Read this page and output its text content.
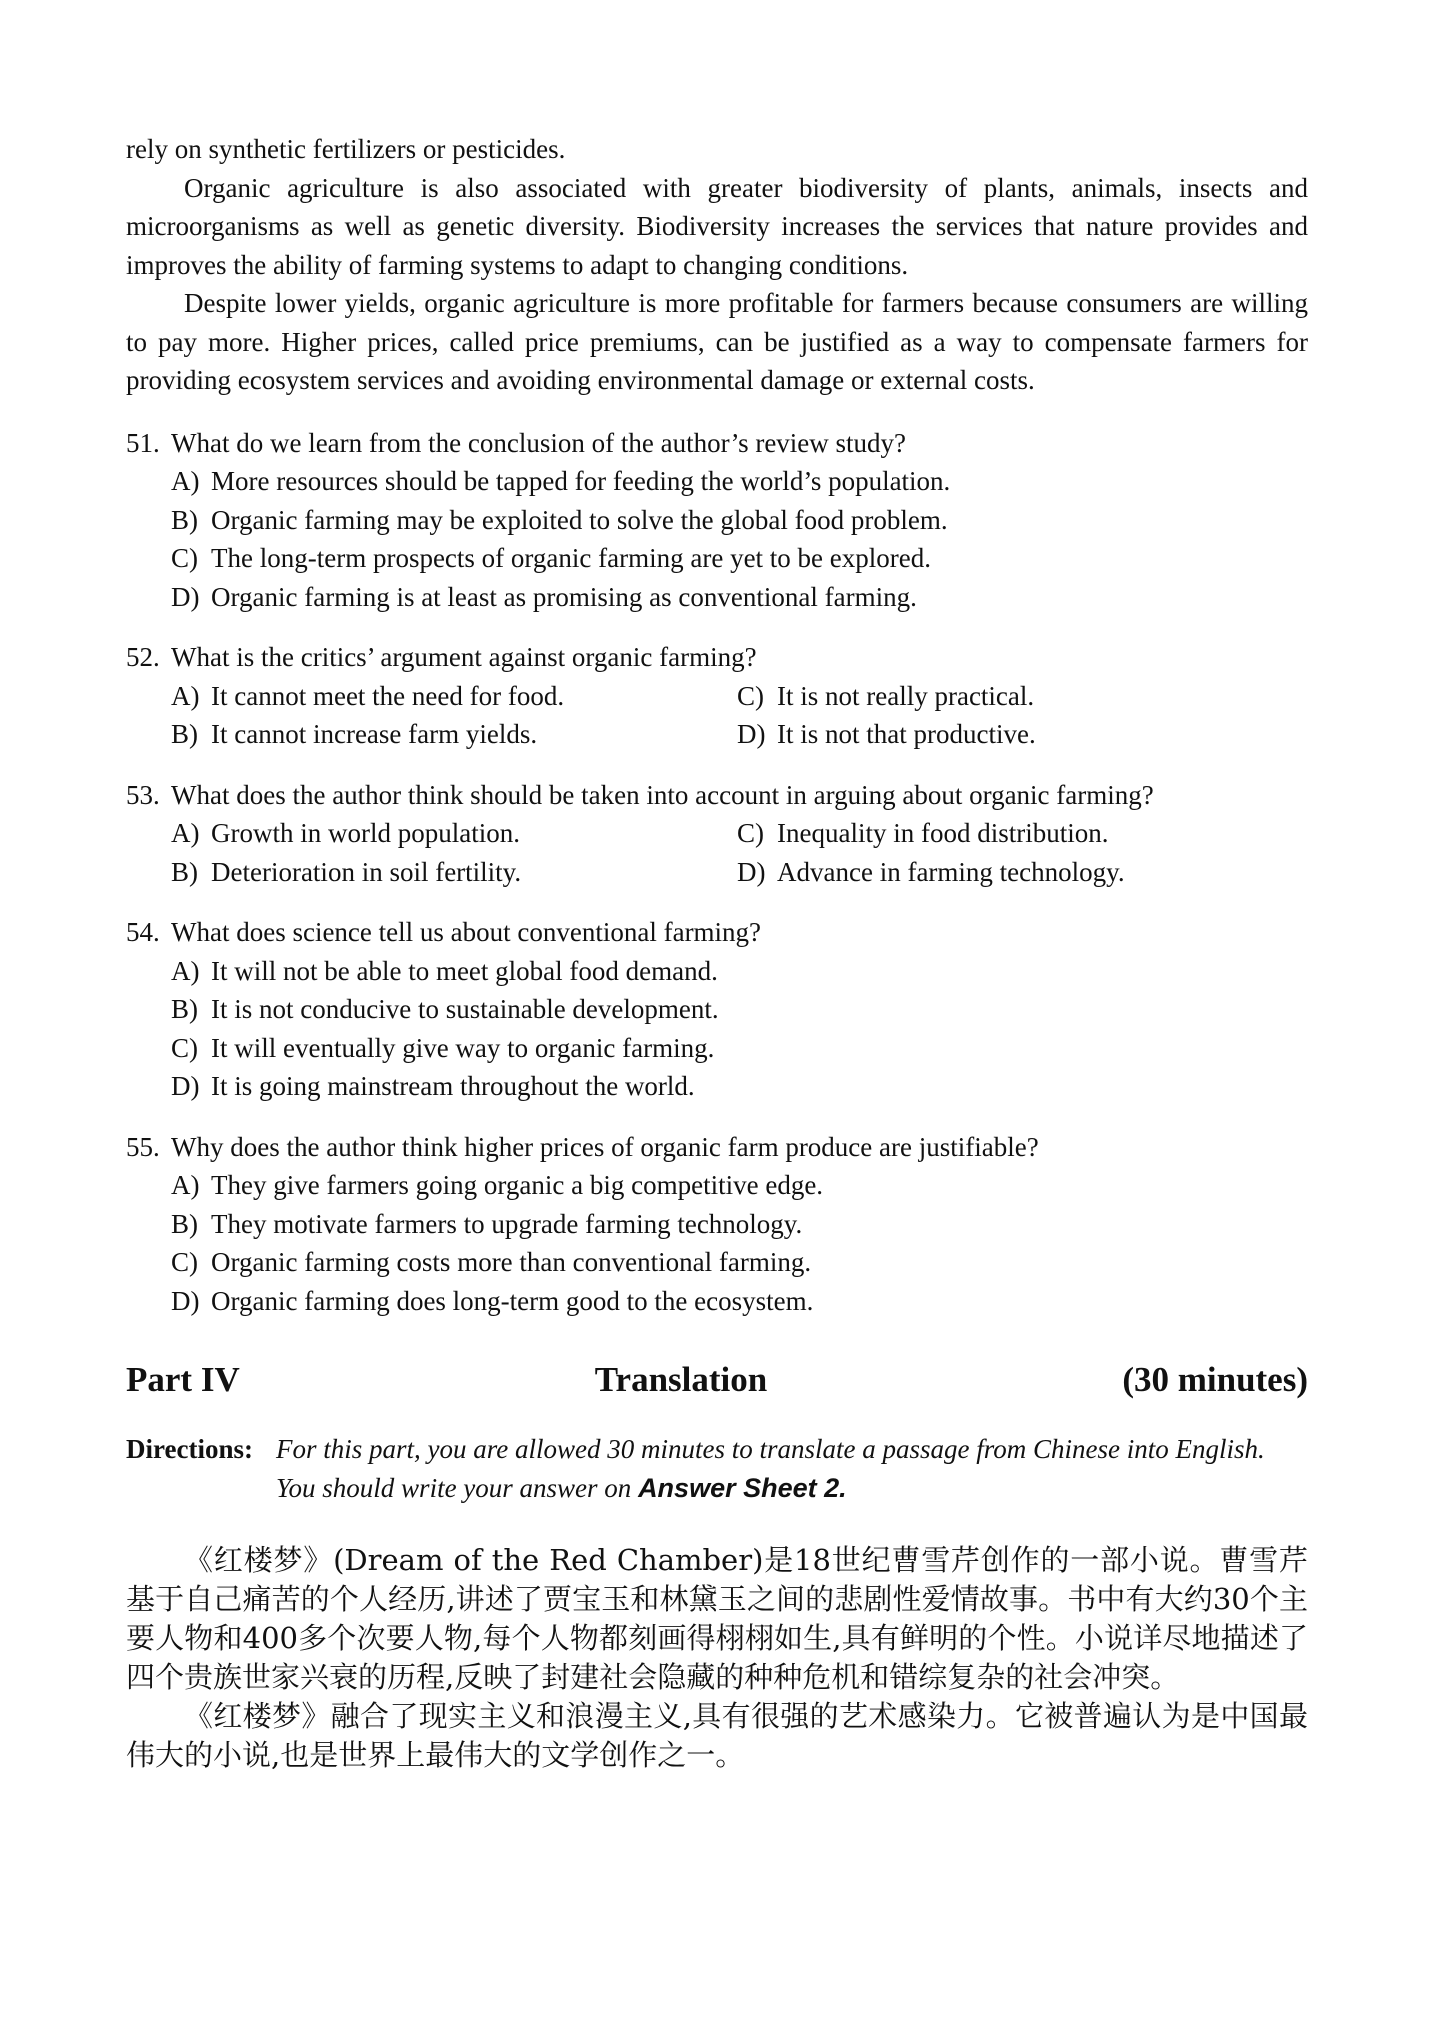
rely on synthetic fertilizers or pesticides.

Organic agriculture is also associated with greater biodiversity of plants, animals, insects and microorganisms as well as genetic diversity. Biodiversity increases the services that nature provides and improves the ability of farming systems to adapt to changing conditions.

Despite lower yields, organic agriculture is more profitable for farmers because consumers are willing to pay more. Higher prices, called price premiums, can be justified as a way to compensate farmers for providing ecosystem services and avoiding environmental damage or external costs.

51. What do we learn from the conclusion of the author’s review study?
A) More resources should be tapped for feeding the world’s population.
B) Organic farming may be exploited to solve the global food problem.
C) The long-term prospects of organic farming are yet to be explored.
D) Organic farming is at least as promising as conventional farming.
52. What is the critics’ argument against organic farming?
A) It cannot meet the need for food.	C) It is not really practical.
B) It cannot increase farm yields.	D) It is not that productive.
53. What does the author think should be taken into account in arguing about organic farming?
A) Growth in world population.	C) Inequality in food distribution.
B) Deterioration in soil fertility.	D) Advance in farming technology.
54. What does science tell us about conventional farming?
A) It will not be able to meet global food demand.
B) It is not conducive to sustainable development.
C) It will eventually give way to organic farming.
D) It is going mainstream throughout the world.
55. Why does the author think higher prices of organic farm produce are justifiable?
A) They give farmers going organic a big competitive edge.
B) They motivate farmers to upgrade farming technology.
C) Organic farming costs more than conventional farming.
D) Organic farming does long-term good to the ecosystem.
Part IV	Translation	(30 minutes)
Directions: For this part, you are allowed 30 minutes to translate a passage from Chinese into English. You should write your answer on Answer Sheet 2.

《红楼梦》(Dream of the Red Chamber)是18世纪曹雪芹创作的一部小说。曹雪芹基于自己痛苦的个人经历,讲述了贾宝玉和林黛玉之间的悲剧性爱情故事。书中有大约30个主要人物和400多个次要人物,每个人物都刻画得栩栩如生,具有鲜明的个性。小说详尽地描述了四个贵族世家兴衰的历程,反映了封建社会隐藏的种种危机和错综复杂的社会冲突。

《红楼梦》融合了现实主义和浪漫主义,具有很强的艺术感染力。它被普遍认为是中国最伟大的小说,也是世界上最伟大的文学创作之一。
